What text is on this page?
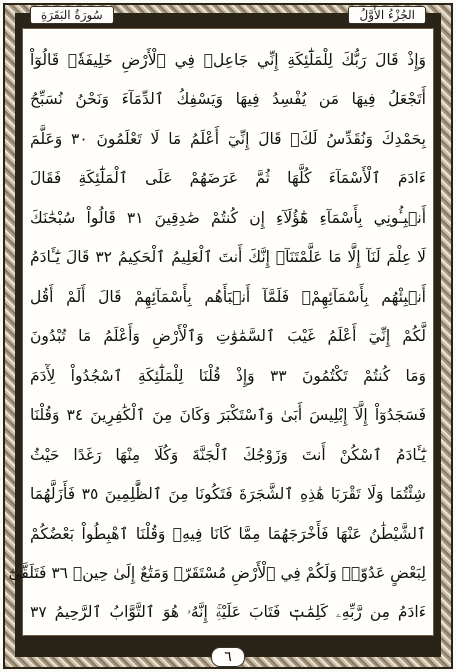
سُورَةُ البَقَرَةِ	الجُزْءُ الأَوَّلُ
وَإِذْ قَالَ رَبُّكَ لِلْمَلَٰٓئِكَةِ إِنِّي جَاعِلٞ فِي ٱلْأَرْضِ خَلِيفَةٗۖ قَالُوٓاْ
أَتَجْعَلُ فِيهَا مَن يُفْسِدُ فِيهَا وَيَسْفِكُ ٱلدِّمَآءَ وَنَحْنُ نُسَبِّحُ
بِحَمْدِكَ وَنُقَدِّسُ لَكَۖ قَالَ إِنِّيٓ أَعْلَمُ مَا لَا تَعْلَمُونَ ٣٠ وَعَلَّمَ
ءَادَمَ ٱلْأَسْمَآءَ كُلَّهَا ثُمَّ عَرَضَهُمْ عَلَى ٱلْمَلَٰٓئِكَةِ فَقَالَ
أَنۢبِـُٔونِي بِأَسْمَآءِ هَٰٓؤُلَآءِ إِن كُنتُمْ صَٰدِقِينَ ٣١ قَالُواْ سُبْحَٰنَكَ
لَا عِلْمَ لَنَآ إِلَّا مَا عَلَّمْتَنَآۖ إِنَّكَ أَنتَ ٱلْعَلِيمُ ٱلْحَكِيمُ ٣٢ قَالَ يَٰٓـَٔادَمُ
أَنۢبِئْهُم بِأَسْمَآئِهِمْۖ فَلَمَّآ أَنۢبَأَهُم بِأَسْمَآئِهِمْ قَالَ أَلَمْ أَقُل
لَّكُمْ إِنِّيٓ أَعْلَمُ غَيْبَ ٱلسَّمَٰوَٰتِ وَٱلْأَرْضِ وَأَعْلَمُ مَا تُبْدُونَ
وَمَا كُنتُمْ تَكْتُمُونَ ٣٣ وَإِذْ قُلْنَا لِلْمَلَٰٓئِكَةِ ٱسْجُدُواْ لِأٓدَمَ
فَسَجَدُوٓاْ إِلَّآ إِبْلِيسَ أَبَىٰ وَٱسْتَكْبَرَ وَكَانَ مِنَ ٱلْكَٰفِرِينَ ٣٤ وَقُلْنَا
يَٰٓـَٔادَمُ ٱسْكُنْ أَنتَ وَزَوْجُكَ ٱلْجَنَّةَ وَكُلَا مِنْهَا رَغَدًا حَيْثُ
شِئْتُمَا وَلَا تَقْرَبَا هَٰذِهِ ٱلشَّجَرَةَ فَتَكُونَا مِنَ ٱلظَّٰلِمِينَ ٣٥ فَأَزَلَّهُمَا
ٱلشَّيْطَٰنُ عَنْهَا فَأَخْرَجَهُمَا مِمَّا كَانَا فِيهِۖ وَقُلْنَا ٱهْبِطُواْ بَعْضُكُمْ
لِبَعْضٍ عَدُوّٞۖ وَلَكُمْ فِي ٱلْأَرْضِ مُسْتَقَرّٞ وَمَتَٰعٌ إِلَىٰ حِينٖ ٣٦ فَتَلَقَّىٰٓ
ءَادَمُ مِن رَّبِّهِۦ كَلِمَٰتٖ فَتَابَ عَلَيْهِۚ إِنَّهُۥ هُوَ ٱلتَّوَّابُ ٱلرَّحِيمُ ٣٧
٦
